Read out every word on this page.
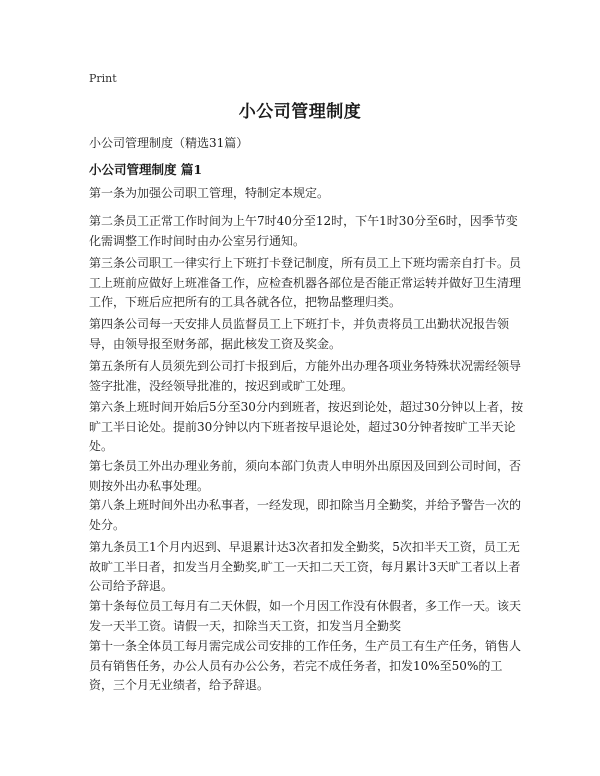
Print
小公司管理制度
小公司管理制度（精选31篇）
小公司管理制度 篇1

第一条为加强公司职工管理，特制定本规定。

第二条员工正常工作时间为上午7时40分至12时，下午1时30分至6时，因季节变化需调整工作时间时由办公室另行通知。

第三条公司职工一律实行上下班打卡登记制度，所有员工上下班均需亲自打卡。员工上班前应做好上班准备工作，应检查机器各部位是否能正常运转并做好卫生清理工作，下班后应把所有的工具各就各位，把物品整理归类。

第四条公司每一天安排人员监督员工上下班打卡，并负责将员工出勤状况报告领导，由领导报至财务部，据此核发工资及奖金。

第五条所有人员须先到公司打卡报到后，方能外出办理各项业务特殊状况需经领导签字批准，没经领导批准的，按迟到或旷工处理。

第六条上班时间开始后5分至30分内到班者，按迟到论处，超过30分钟以上者，按旷工半日论处。提前30分钟以内下班者按早退论处，超过30分钟者按旷工半天论处。

第七条员工外出办理业务前，须向本部门负责人申明外出原因及回到公司时间，否则按外出办私事处理。

第八条上班时间外出办私事者，一经发现，即扣除当月全勤奖，并给予警告一次的处分。

第九条员工1个月内迟到、早退累计达3次者扣发全勤奖，5次扣半天工资，员工无故旷工半日者，扣发当月全勤奖,旷工一天扣二天工资，每月累计3天旷工者以上者公司给予辞退。

第十条每位员工每月有二天休假，如一个月因工作没有休假者，多工作一天。该天发一天半工资。请假一天，扣除当天工资，扣发当月全勤奖

第十一条全体员工每月需完成公司安排的工作任务，生产员工有生产任务，销售人员有销售任务，办公人员有办公公务，若完不成任务者，扣发10%至50%的工资，三个月无业绩者，给予辞退。
